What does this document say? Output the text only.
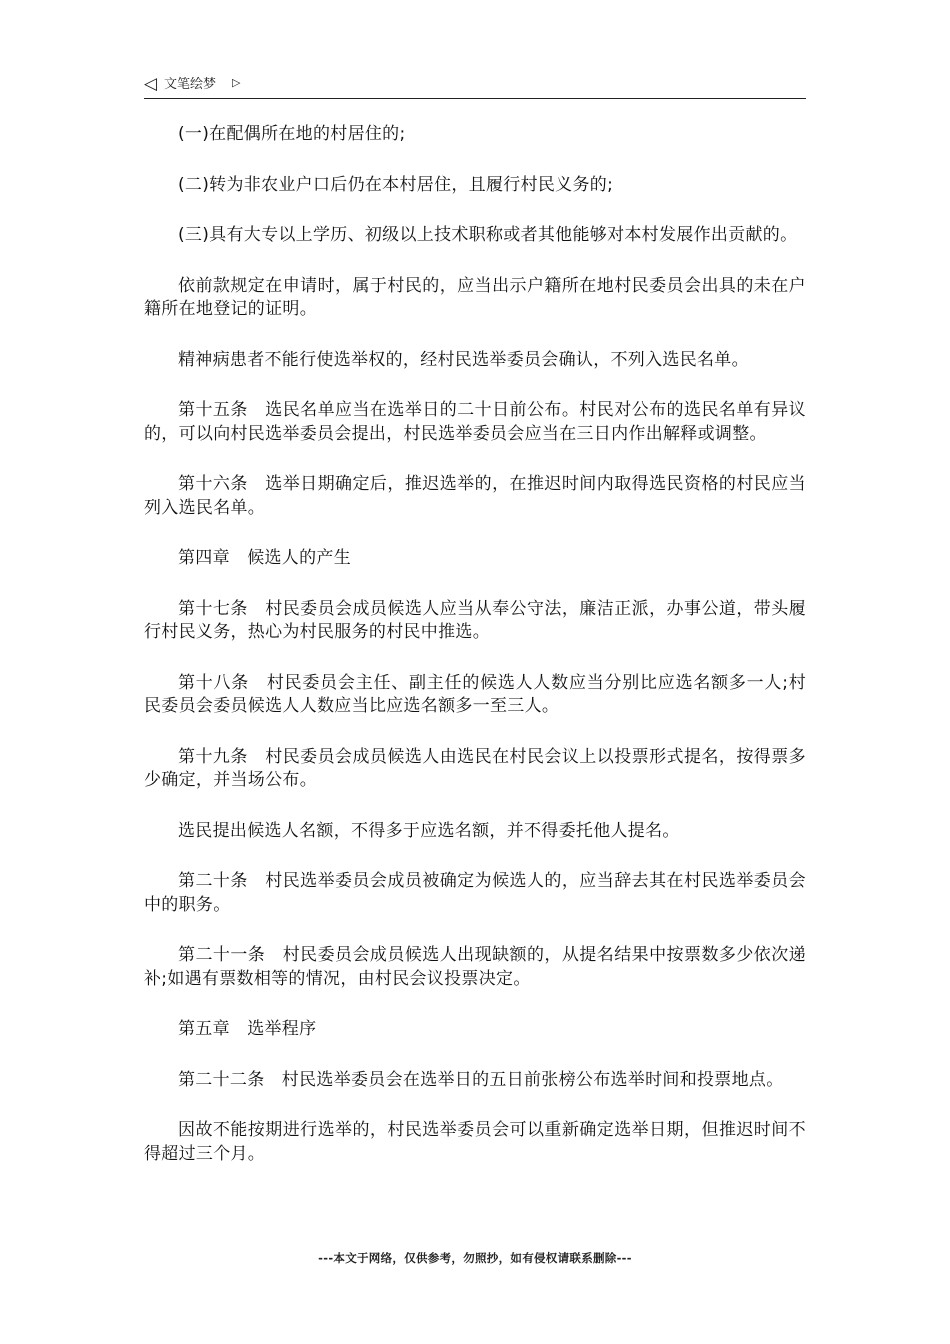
◁ 文笔绘梦 ▷

(一)在配偶所在地的村居住的;

(二)转为非农业户口后仍在本村居住，且履行村民义务的;

(三)具有大专以上学历、初级以上技术职称或者其他能够对本村发展作出贡献的。

依前款规定在申请时，属于村民的，应当出示户籍所在地村民委员会出具的未在户籍所在地登记的证明。

精神病患者不能行使选举权的，经村民选举委员会确认，不列入选民名单。

第十五条　选民名单应当在选举日的二十日前公布。村民对公布的选民名单有异议的，可以向村民选举委员会提出，村民选举委员会应当在三日内作出解释或调整。

第十六条　选举日期确定后，推迟选举的，在推迟时间内取得选民资格的村民应当列入选民名单。

第四章　候选人的产生

第十七条　村民委员会成员候选人应当从奉公守法，廉洁正派，办事公道，带头履行村民义务，热心为村民服务的村民中推选。

第十八条　村民委员会主任、副主任的候选人人数应当分别比应选名额多一人;村民委员会委员候选人人数应当比应选名额多一至三人。

第十九条　村民委员会成员候选人由选民在村民会议上以投票形式提名，按得票多少确定，并当场公布。

选民提出候选人名额，不得多于应选名额，并不得委托他人提名。

第二十条　村民选举委员会成员被确定为候选人的，应当辞去其在村民选举委员会中的职务。

第二十一条　村民委员会成员候选人出现缺额的，从提名结果中按票数多少依次递补;如遇有票数相等的情况，由村民会议投票决定。

第五章　选举程序

第二十二条　村民选举委员会在选举日的五日前张榜公布选举时间和投票地点。

因故不能按期进行选举的，村民选举委员会可以重新确定选举日期，但推迟时间不得超过三个月。

---本文于网络，仅供参考，勿照抄，如有侵权请联系删除---
